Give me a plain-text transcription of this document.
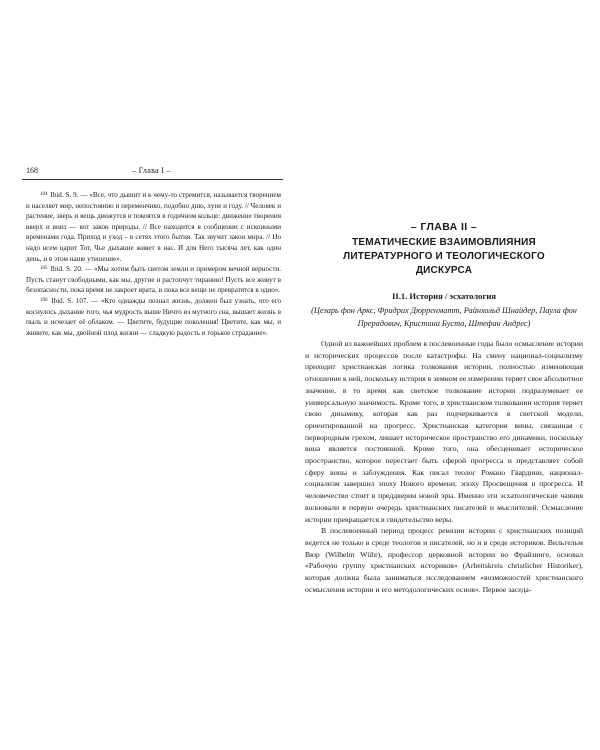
168	– Глава I –

$^{104}$ Ibid. S. 9. — «Все, что дышит и к чему-то стремится, называется творением и населяет мир, непостоянно и переменчиво, подобно дню, луне и году. // Человек и растение, зверь и вещь движутся и покоятся в годичном кольце: движение творения вверх и вниз — вот закон природы. // Все находится в сообщении с исконными временами года. Приход и уход – в сетях этого бытия. Так звучит закон мира. // Но надо всем царит Тот, Чье дыхание живет в нас. И для Него тысяча лет, как один день, и в этом наше утешение».

$^{105}$ Ibid. S. 20. — «Мы хотим быть светом земли и примером вечной верности. Пусть станут свободными, как мы, другие и растопчут тиранию! Пусть все живут в безопасности, пока время не закроет врата, и пока все вещи не превратятся в одно».

$^{106}$ Ibid. S. 107. — «Кто однажды познал жизнь, должен был узнать, что его коснулось дыхание того, чья мудрость выше Ничто из мутного сна, вышает жизнь в пыль и исчезает её облаком. — Цветите, будущие поколения! Цветите, как мы, и живите, как мы, двойной плод жизни — сладкую радость и горькое страдание».

– ГЛАВА II –
ТЕМАТИЧЕСКИЕ ВЗАИМОВЛИЯНИЯ
ЛИТЕРАТУРНОГО И ТЕОЛОГИЧЕСКОГО
ДИСКУРСА
II.1. История / эсхатология
(Цезарь фон Аркс, Фридрих Дюрренматт, Райнхольд Шнайдер, Паула фон Прерадович, Кристина Буста, Штефан Андрес)

Одной из важнейших проблем в послевоенные годы было осмысление истории и исторических процессов после катастрофы. На смену национал-социализму приходит христианская логика толкования истории, полностью изменяющая отношение к ней, поскольку история в земном ее измерении теряет свое абсолютное значение, в то время как светское толкование истории подразумевает ее универсальную значимость. Кроме того, в христианском толковании история теряет свою динамику, которая как раз подчеркивается в светской модели, ориентированной на прогресс. Христианская категория вины, связанная с первородным грехом, лишает историческое пространство его динамики, поскольку вина является постоянной. Кроме того, она обесценивает историческое пространство, которое перестает быть сферой прогресса и представляет собой сферу вины и заблуждения. Как писал теолог Романо Гвардини, национал-социализм завершил эпоху Нового времени, эпоху Просвещения и прогресса. И человечество стоит в преддверии новой эры. Именно эти эсхатологические чаяния волновали в первую очередь христианских писателей и мыслителей. Осмысление истории превращается в свидетельство веры.

В послевоенный период процесс ревизии истории с христианских позиций ведется не только в среде теологов и писателей, но и в среде историков. Вильгельм Вюр (Wilhelm Wühr), профессор церковной истории во Фрайзинге, основал «Рабочую группу христианских историков» (Arbeitskreis christlicher Historiker), которая должна была заниматься исследованием «возможностей христианского осмысления истории и его методологических основ». Первое заседа-
